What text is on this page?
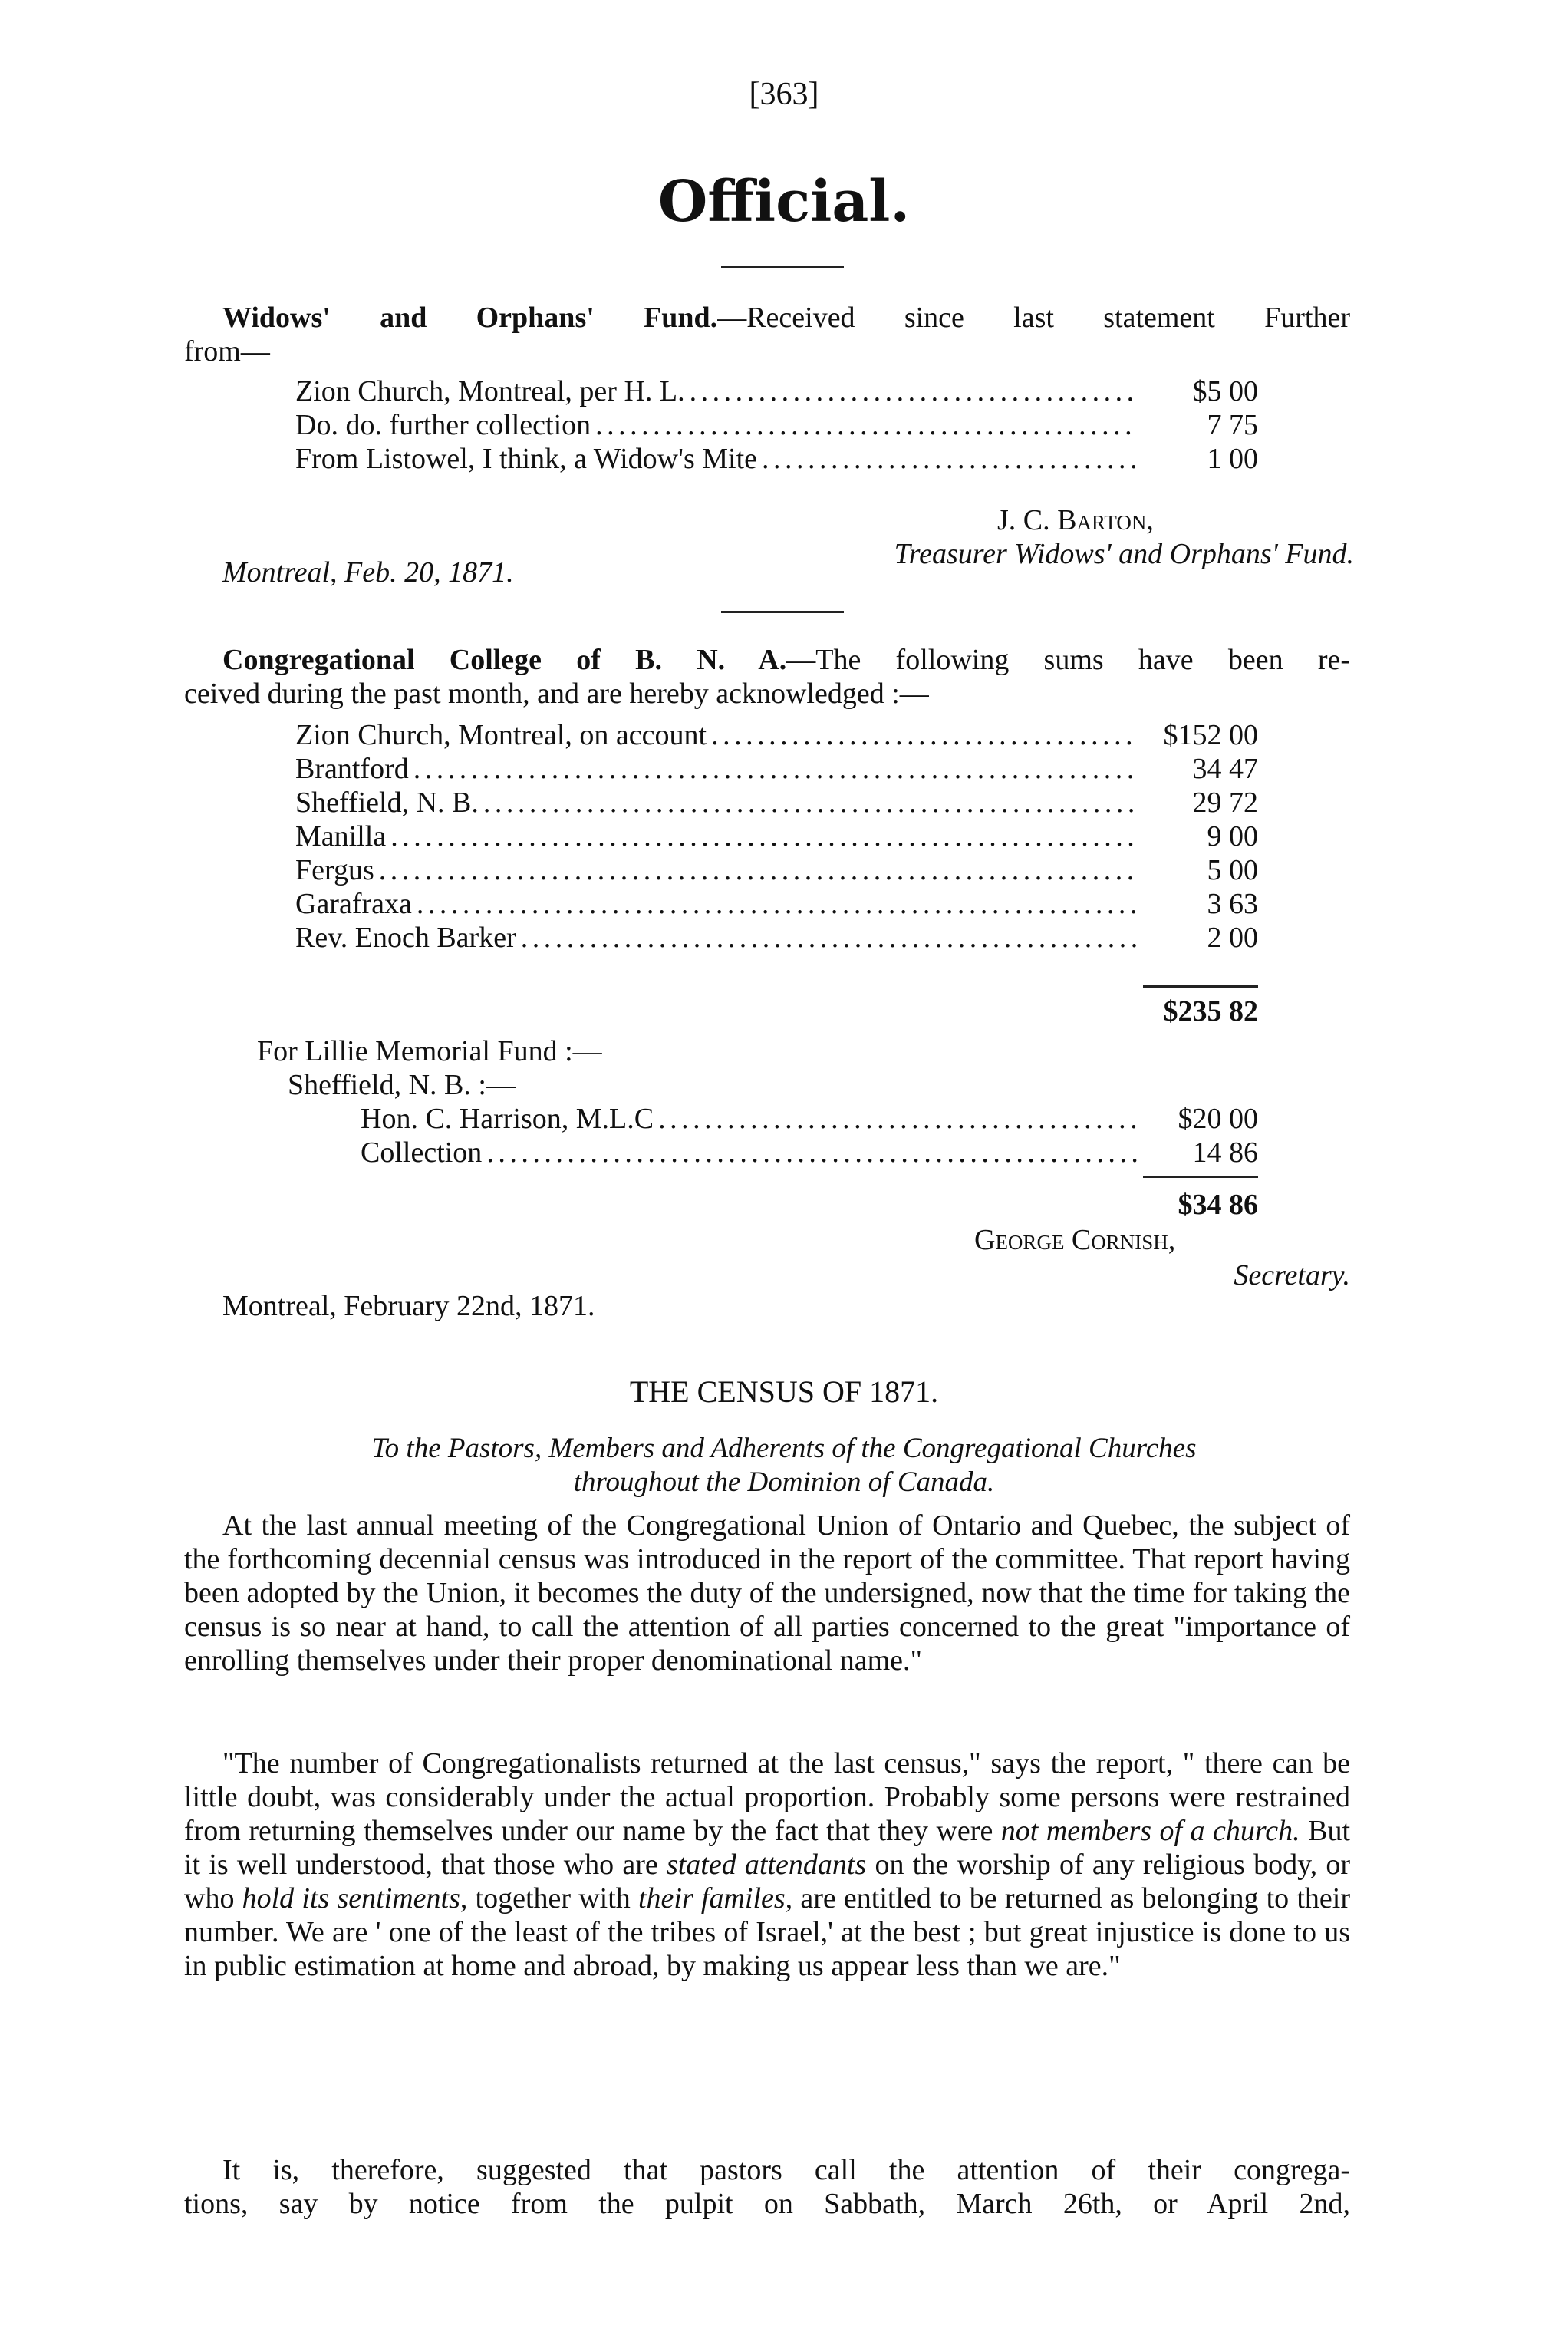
[363]
Official.
Widows' and Orphans' Fund.—Received since last statement Further
from—
Zion Church, Montreal, per H. L. . . .	$5 00
Do. do. further collection . . .	7 75
From Listowel, I think, a Widow's Mite . . .	1 00
J. C. Barton,
Treasurer Widows' and Orphans' Fund.
Montreal, Feb. 20, 1871.
Congregational College of B. N. A.—The following sums have been re-
ceived during the past month, and are hereby acknowledged :—
Zion Church, Montreal, on account . . .	$152 00
Brantford . . .	34 47
Sheffield, N. B. . . .	29 72
Manilla . . .	9 00
Fergus . . .	5 00
Garafraxa . . .	3 63
Rev. Enoch Barker . . .	2 00
$235 82
For Lillie Memorial Fund :—
Sheffield, N. B. :—
Hon. C. Harrison, M.L.C . . .	$20 00
Collection . . .	14 86
$34 86
George Cornish,
Secretary.
Montreal, February 22nd, 1871.
THE CENSUS OF 1871.
To the Pastors, Members and Adherents of the Congregational Churches
throughout the Dominion of Canada.
At the last annual meeting of the Congregational Union of Ontario and Quebec, the subject of the forthcoming decennial census was introduced in the report of the committee. That report having been adopted by the Union, it becomes the duty of the undersigned, now that the time for taking the census is so near at hand, to call the attention of all parties concerned to the great "importance of enrolling themselves under their proper denominational name."
"The number of Congregationalists returned at the last census," says the report, " there can be little doubt, was considerably under the actual proportion. Probably some persons were restrained from returning themselves under our name by the fact that they were not members of a church. But it is well understood, that those who are stated attendants on the worship of any religious body, or who hold its sentiments, together with their familes, are entitled to be returned as belonging to their number. We are ' one of the least of the tribes of Israel,' at the best ; but great injustice is done to us in public estimation at home and abroad, by making us appear less than we are."
It is, therefore, suggested that pastors call the attention of their congrega-
tions, say by notice from the pulpit on Sabbath, March 26th, or April 2nd,
